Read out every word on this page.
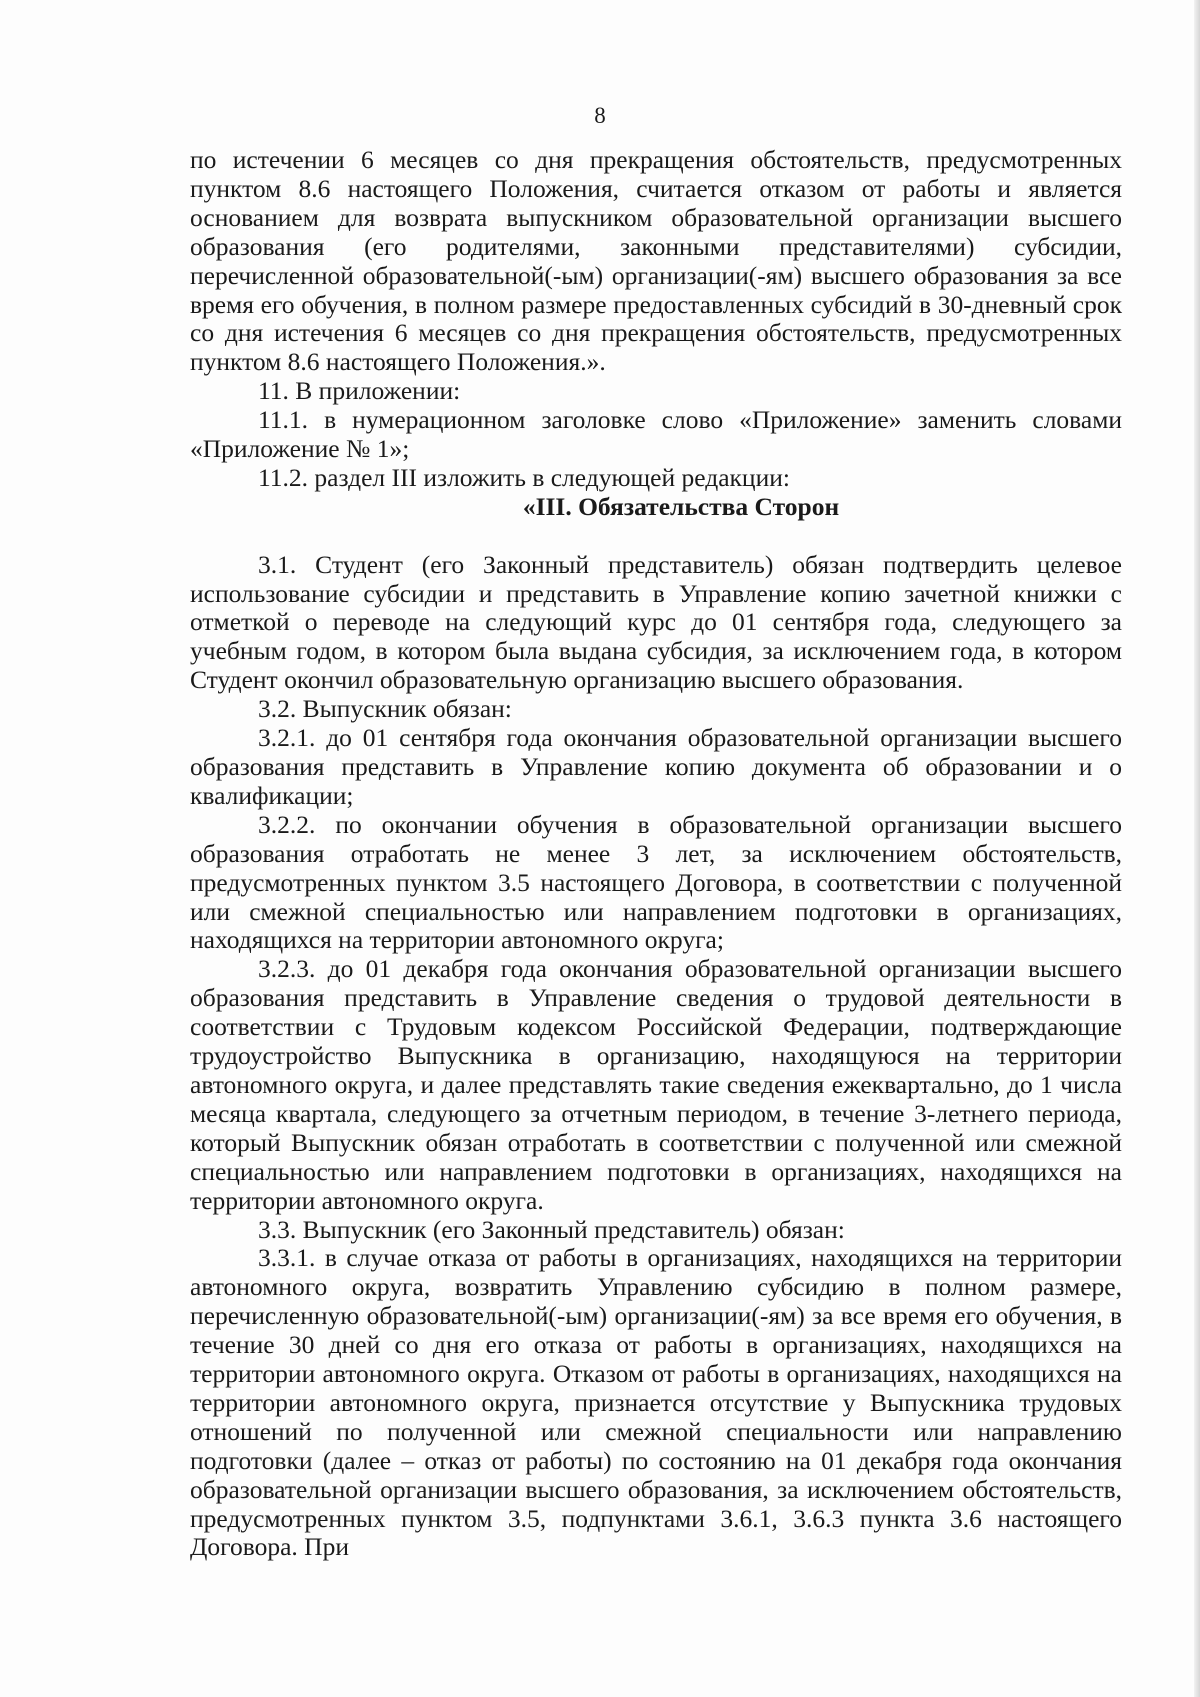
8

по истечении 6 месяцев со дня прекращения обстоятельств, предусмотренных пунктом 8.6 настоящего Положения, считается отказом от работы и является основанием для возврата выпускником образовательной организации высшего образования (его родителями, законными представителями) субсидии, перечисленной образовательной(-ым) организации(-ям) высшего образования за все время его обучения, в полном размере предоставленных субсидий в 30-дневный срок со дня истечения 6 месяцев со дня прекращения обстоятельств, предусмотренных пунктом 8.6 настоящего Положения.».

11. В приложении:

11.1. в нумерационном заголовке слово «Приложение» заменить словами «Приложение № 1»;

11.2. раздел III изложить в следующей редакции:

«III. Обязательства Сторон

3.1. Студент (его Законный представитель) обязан подтвердить целевое использование субсидии и представить в Управление копию зачетной книжки с отметкой о переводе на следующий курс до 01 сентября года, следующего за учебным годом, в котором была выдана субсидия, за исключением года, в котором Студент окончил образовательную организацию высшего образования.

3.2. Выпускник обязан:

3.2.1. до 01 сентября года окончания образовательной организации высшего образования представить в Управление копию документа об образовании и о квалификации;

3.2.2. по окончании обучения в образовательной организации высшего образования отработать не менее 3 лет, за исключением обстоятельств, предусмотренных пунктом 3.5 настоящего Договора, в соответствии с полученной или смежной специальностью или направлением подготовки в организациях, находящихся на территории автономного округа;

3.2.3. до 01 декабря года окончания образовательной организации высшего образования представить в Управление сведения о трудовой деятельности в соответствии с Трудовым кодексом Российской Федерации, подтверждающие трудоустройство Выпускника в организацию, находящуюся на территории автономного округа, и далее представлять такие сведения ежеквартально, до 1 числа месяца квартала, следующего за отчетным периодом, в течение 3-летнего периода, который Выпускник обязан отработать в соответствии с полученной или смежной специальностью или направлением подготовки в организациях, находящихся на территории автономного округа.

3.3. Выпускник (его Законный представитель) обязан:

3.3.1. в случае отказа от работы в организациях, находящихся на территории автономного округа, возвратить Управлению субсидию в полном размере, перечисленную образовательной(-ым) организации(-ям) за все время его обучения, в течение 30 дней со дня его отказа от работы в организациях, находящихся на территории автономного округа. Отказом от работы в организациях, находящихся на территории автономного округа, признается отсутствие у Выпускника трудовых отношений по полученной или смежной специальности или направлению подготовки (далее – отказ от работы) по состоянию на 01 декабря года окончания образовательной организации высшего образования, за исключением обстоятельств, предусмотренных пунктом 3.5, подпунктами 3.6.1, 3.6.3 пункта 3.6 настоящего Договора. При
